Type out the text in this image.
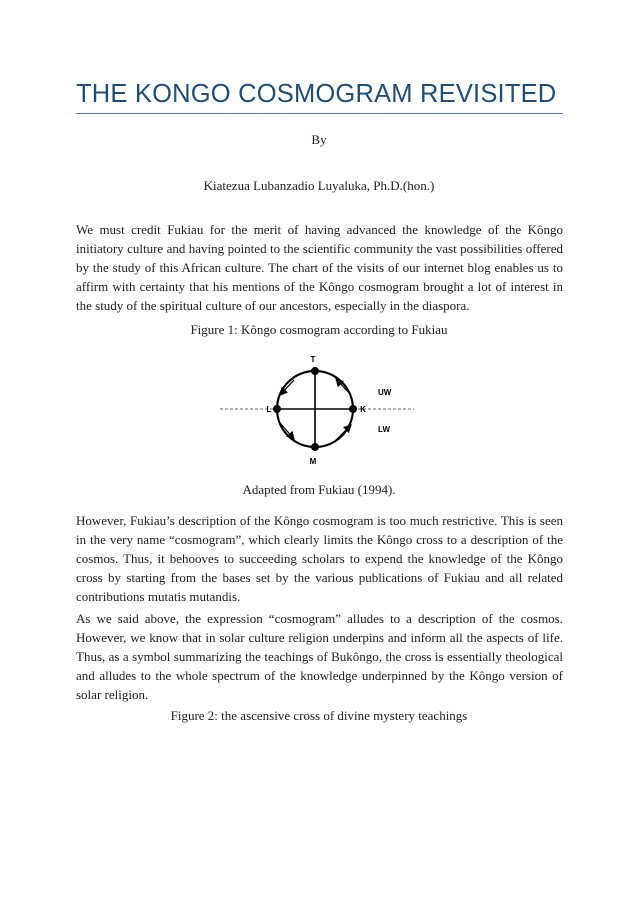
THE KONGO COSMOGRAM REVISITED
By
Kiatezua Lubanzadio Luyaluka, Ph.D.(hon.)

We must credit Fukiau for the merit of having advanced the knowledge of the Kôngo initiatory culture and having pointed to the scientific community the vast possibilities offered by the study of this African culture. The chart of the visits of our internet blog enables us to affirm with certainty that his mentions of the Kôngo cosmogram brought a lot of interest in the study of the spiritual culture of our ancestors, especially in the diaspora.

Figure 1: Kôngo cosmogram according to Fukiau
T
M
L	K
UW
LW
Adapted from Fukiau (1994).

However, Fukiau’s description of the Kôngo cosmogram is too much restrictive. This is seen in the very name “cosmogram”, which clearly limits the Kôngo cross to a description of the cosmos. Thus, it behooves to succeeding scholars to expend the knowledge of the Kôngo cross by starting from the bases set by the various publications of Fukiau and all related contributions mutatis mutandis.

As we said above, the expression “cosmogram” alludes to a description of the cosmos. However, we know that in solar culture religion underpins and inform all the aspects of life. Thus, as a symbol summarizing the teachings of Bukôngo, the cross is essentially theological and alludes to the whole spectrum of the knowledge underpinned by the Kôngo version of solar religion.

Figure 2: the ascensive cross of divine mystery teachings
